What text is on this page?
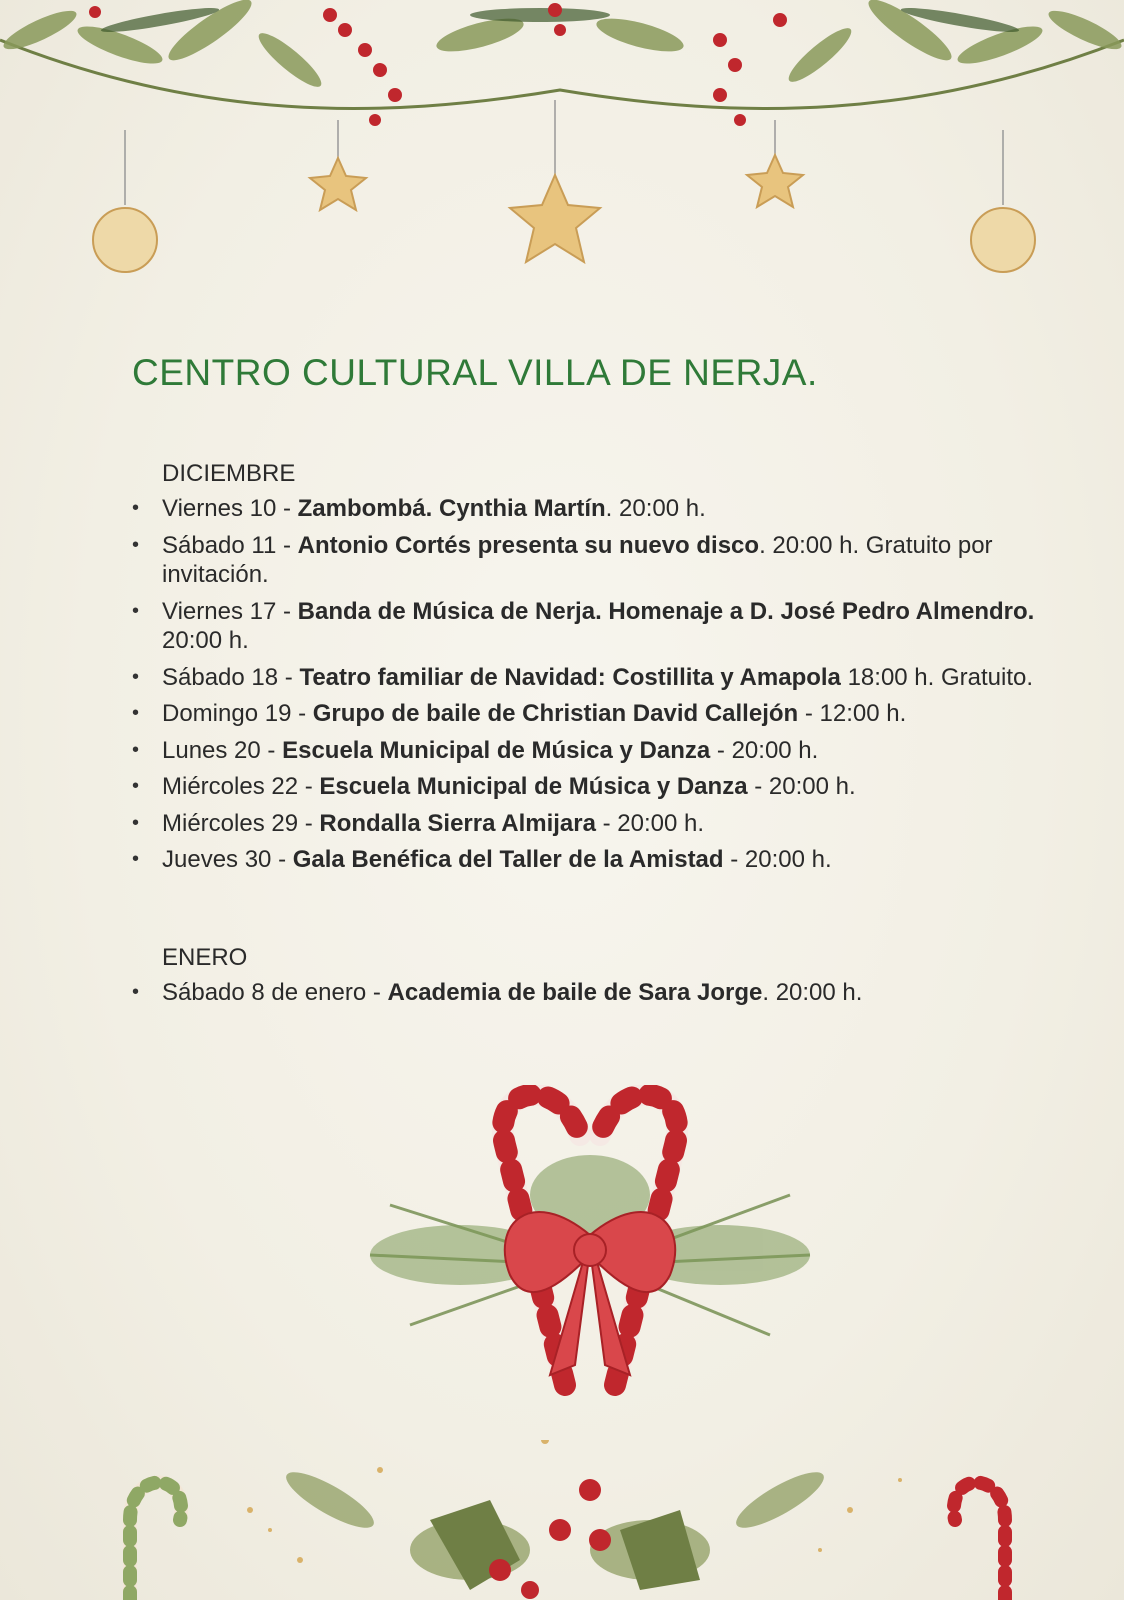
CENTRO CULTURAL VILLA DE NERJA.
DICIEMBRE
• Viernes 10 - Zambombá. Cynthia Martín. 20:00 h.
• Sábado 11 - Antonio Cortés presenta su nuevo disco. 20:00 h. Gratuito por invitación.
• Viernes 17 - Banda de Música de Nerja. Homenaje a D. José Pedro Almendro. 20:00 h.
• Sábado 18 - Teatro familiar de Navidad: Costillita y Amapola 18:00 h. Gratuito.
• Domingo 19 - Grupo de baile de Christian David Callejón - 12:00 h.
• Lunes 20 - Escuela Municipal de Música y Danza - 20:00 h.
• Miércoles 22 - Escuela Municipal de Música y Danza - 20:00 h.
• Miércoles 29 - Rondalla Sierra Almijara - 20:00 h.
• Jueves 30 - Gala Benéfica del Taller de la Amistad - 20:00 h.
ENERO
• Sábado 8 de enero - Academia de baile de Sara Jorge. 20:00 h.
